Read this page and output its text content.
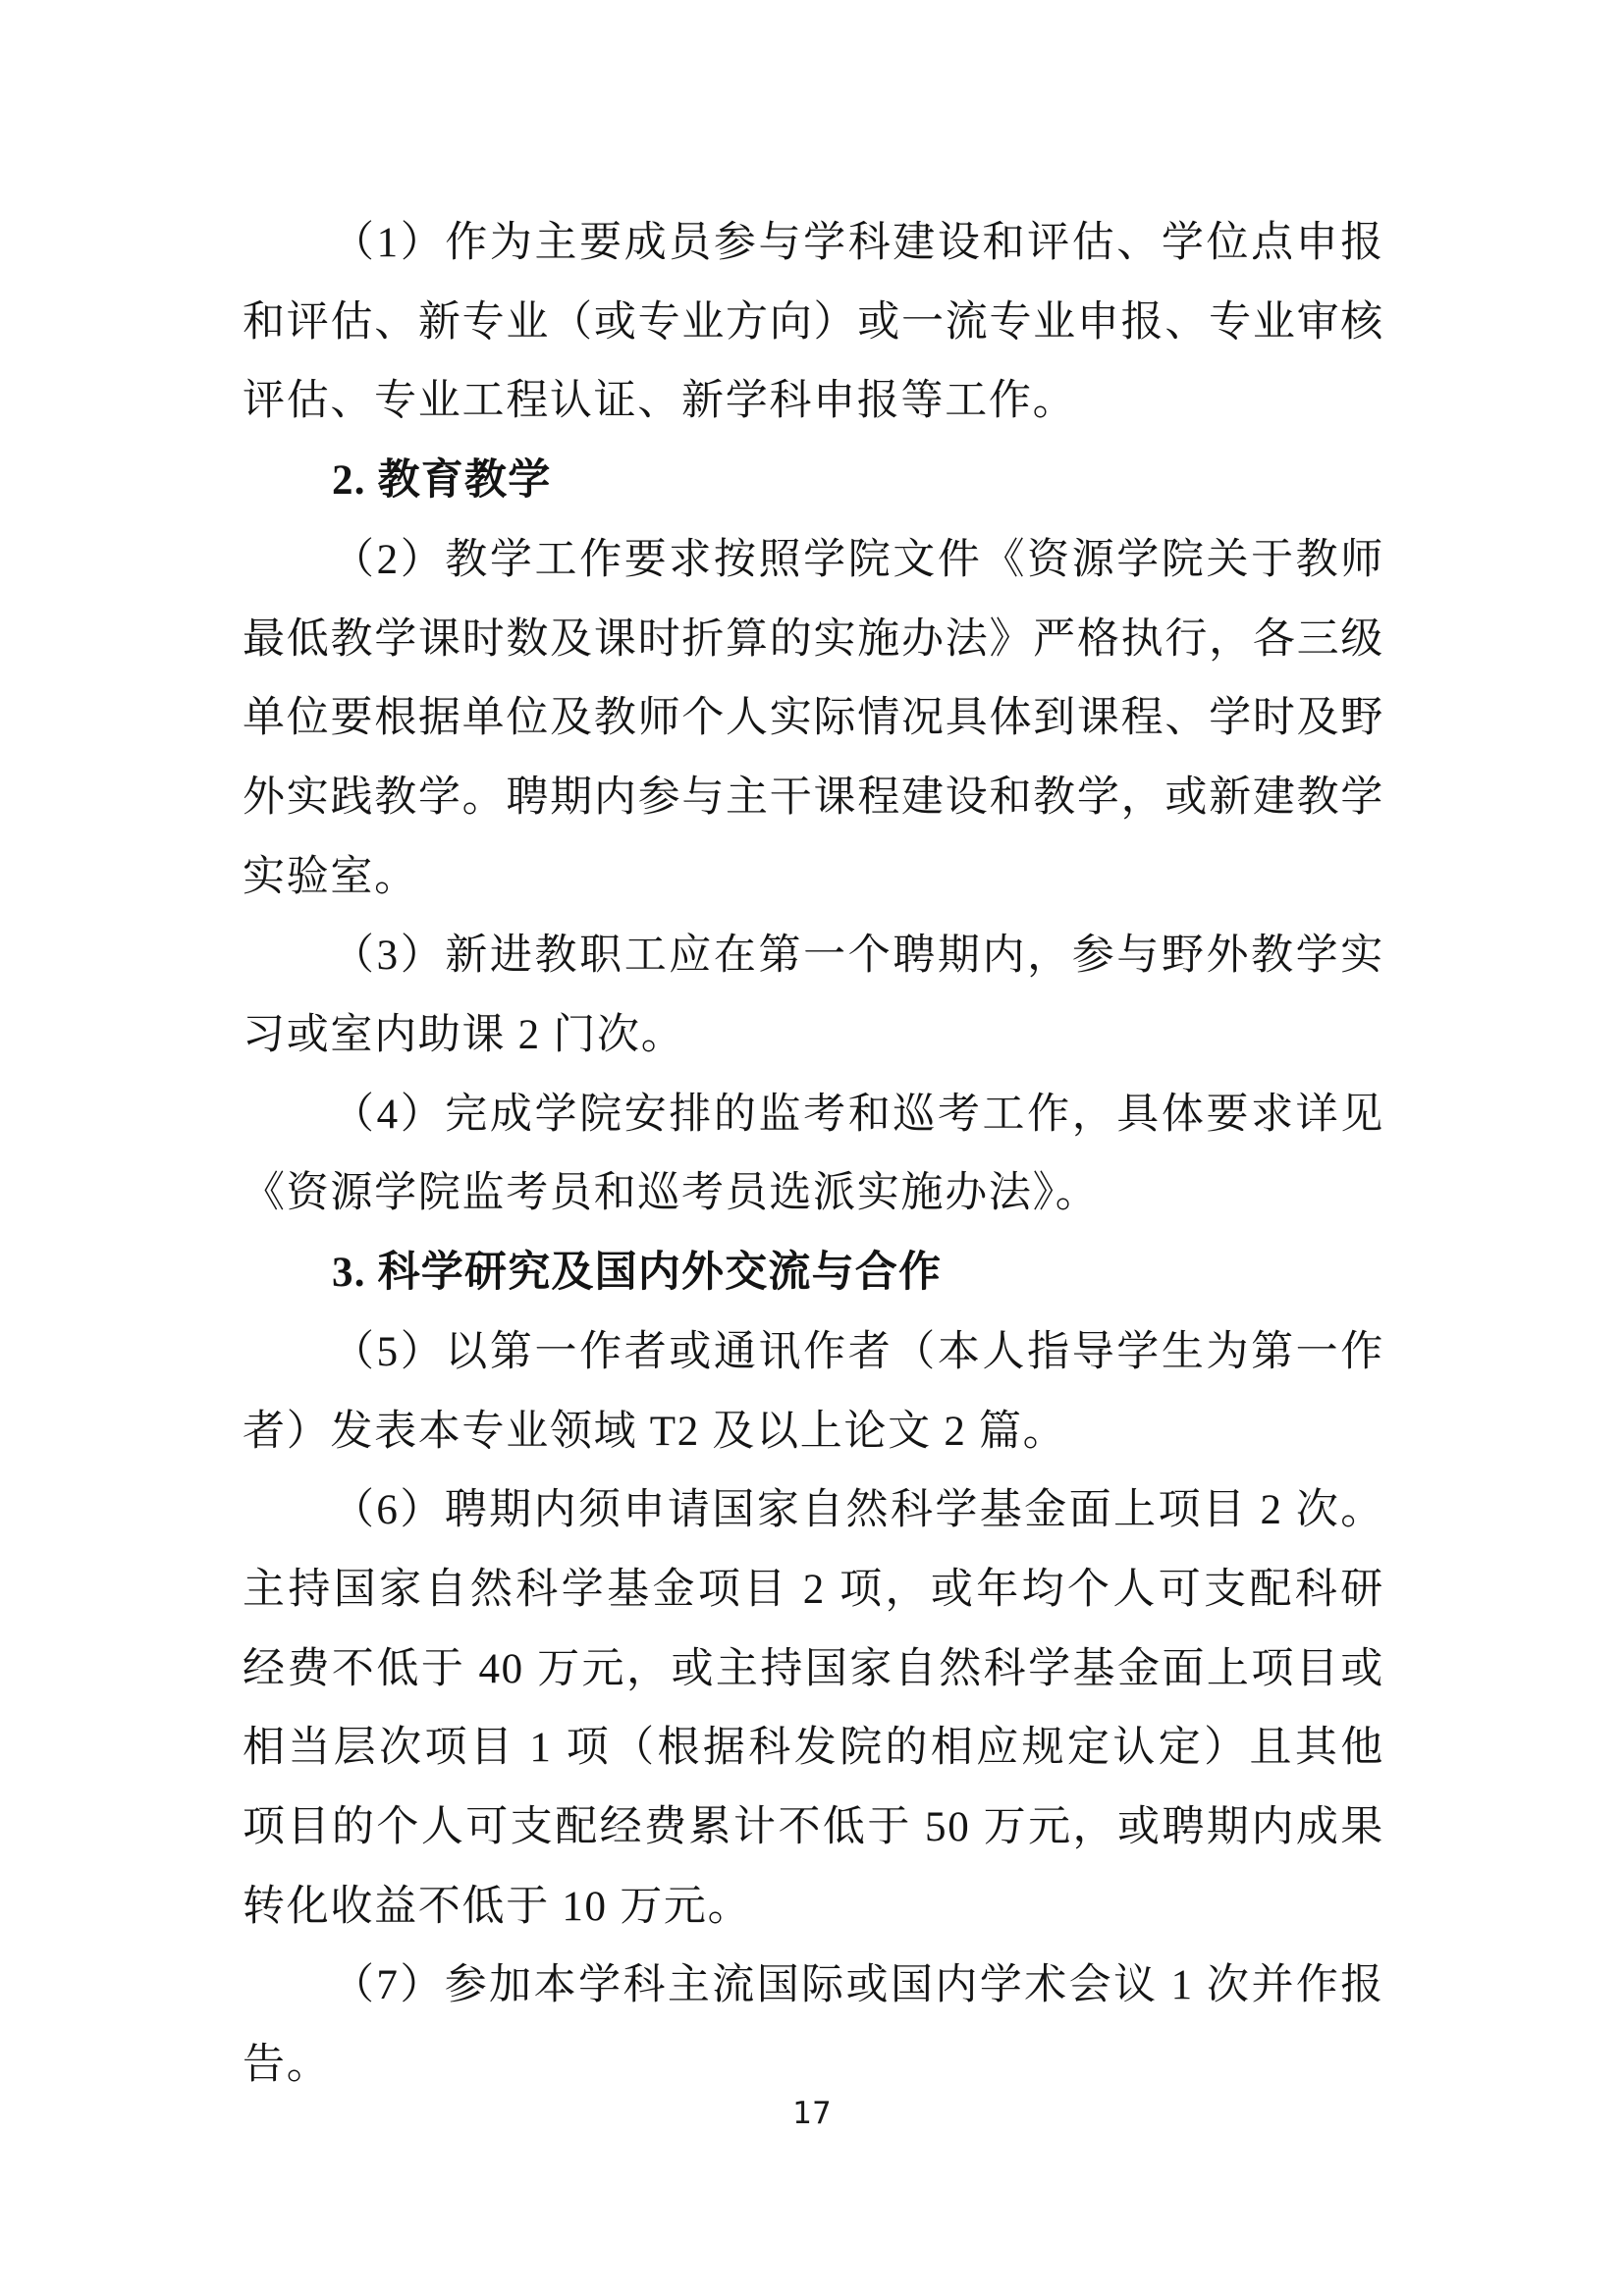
（1）作为主要成员参与学科建设和评估、学位点申报和评估、新专业（或专业方向）或一流专业申报、专业审核评估、专业工程认证、新学科申报等工作。

2. 教育教学

（2）教学工作要求按照学院文件《资源学院关于教师最低教学课时数及课时折算的实施办法》严格执行，各三级单位要根据单位及教师个人实际情况具体到课程、学时及野外实践教学。聘期内参与主干课程建设和教学，或新建教学实验室。

（3）新进教职工应在第一个聘期内，参与野外教学实习或室内助课 2 门次。

（4）完成学院安排的监考和巡考工作，具体要求详见《资源学院监考员和巡考员选派实施办法》。

3. 科学研究及国内外交流与合作

（5）以第一作者或通讯作者（本人指导学生为第一作者）发表本专业领域 T2 及以上论文 2 篇。

（6）聘期内须申请国家自然科学基金面上项目 2 次。主持国家自然科学基金项目 2 项，或年均个人可支配科研经费不低于 40 万元，或主持国家自然科学基金面上项目或相当层次项目 1 项（根据科发院的相应规定认定）且其他项目的个人可支配经费累计不低于 50 万元，或聘期内成果转化收益不低于 10 万元。

（7）参加本学科主流国际或国内学术会议 1 次并作报告。

17
